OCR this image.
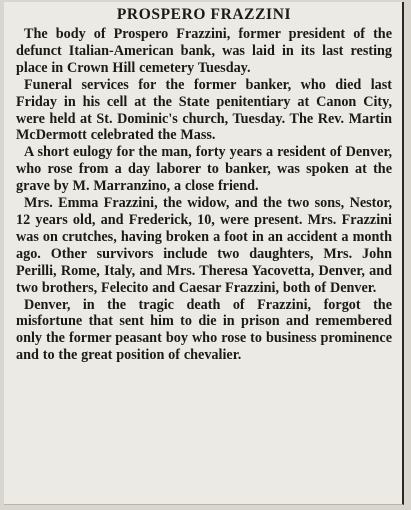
PROSPERO FRAZZINI

The body of Prospero Frazzini, former president of the defunct Italian-American bank, was laid in its last resting place in Crown Hill cemetery Tuesday.

Funeral services for the former banker, who died last Friday in his cell at the State penitentiary at Canon City, were held at St. Dominic's church, Tuesday. The Rev. Martin McDermott celebrated the Mass.

A short eulogy for the man, forty years a resident of Denver, who rose from a day laborer to banker, was spoken at the grave by M. Marranzino, a close friend.

Mrs. Emma Frazzini, the widow, and the two sons, Nestor, 12 years old, and Frederick, 10, were present. Mrs. Frazzini was on crutches, having broken a foot in an accident a month ago. Other survivors include two daughters, Mrs. John Perilli, Rome, Italy, and Mrs. Theresa Yacovetta, Denver, and two brothers, Felecito and Caesar Frazzini, both of Denver.

Denver, in the tragic death of Frazzini, forgot the misfortune that sent him to die in prison and remembered only the former peasant boy who rose to business prominence and to the great position of chevalier.
